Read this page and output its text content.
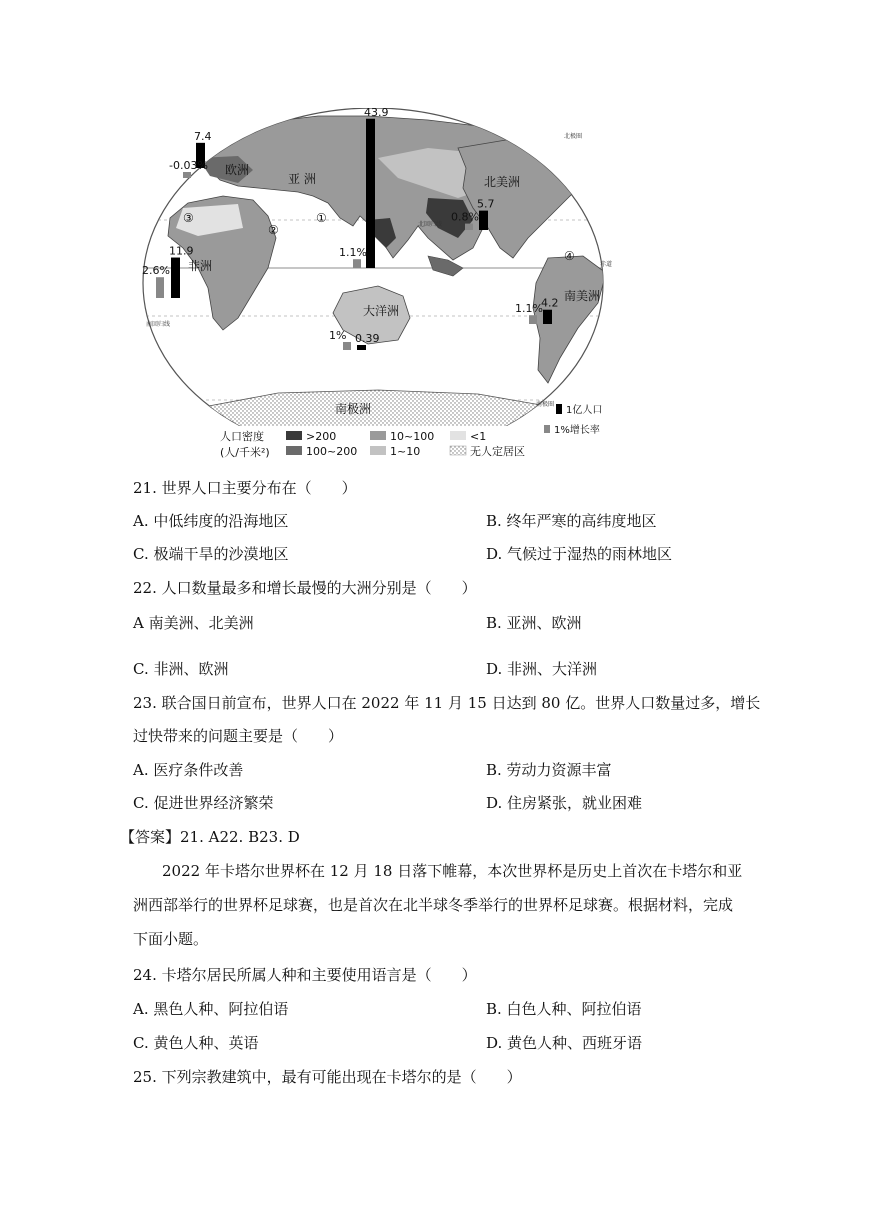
北极圈
北回归线
赤道
南回归线
南极圈
欧洲
亚 洲
非洲
北美洲
南美洲
大洋洲
南极洲
①
②
③
④
7.4
-0.03%
43.9
1.1%
11.9
2.6%
5.7
0.8%
4.2
1.1%
0.39
1%
1亿人口
1%增长率
人口密度
(人/千米²)
>200
100~200
10~100
1~10
<1
无人定居区
21. 世界人口主要分布在（　　）
A. 中低纬度的沿海地区	B. 终年严寒的高纬度地区
C. 极端干旱的沙漠地区	D. 气候过于湿热的雨林地区
22. 人口数量最多和增长最慢的大洲分别是（　　）
A 南美洲、北美洲	B. 亚洲、欧洲
C. 非洲、欧洲	D. 非洲、大洋洲
23. 联合国日前宣布，世界人口在 2022 年 11 月 15 日达到 80 亿。世界人口数量过多，增长
过快带来的问题主要是（　　）
A. 医疗条件改善	B. 劳动力资源丰富
C. 促进世界经济繁荣	D. 住房紧张，就业困难
【答案】21. A22. B23. D
2022 年卡塔尔世界杯在 12 月 18 日落下帷幕，本次世界杯是历史上首次在卡塔尔和亚
洲西部举行的世界杯足球赛，也是首次在北半球冬季举行的世界杯足球赛。根据材料，完成
下面小题。
24. 卡塔尔居民所属人种和主要使用语言是（　　）
A. 黑色人种、阿拉伯语	B. 白色人种、阿拉伯语
C. 黄色人种、英语	D. 黄色人种、西班牙语
25. 下列宗教建筑中，最有可能出现在卡塔尔的是（　　）
